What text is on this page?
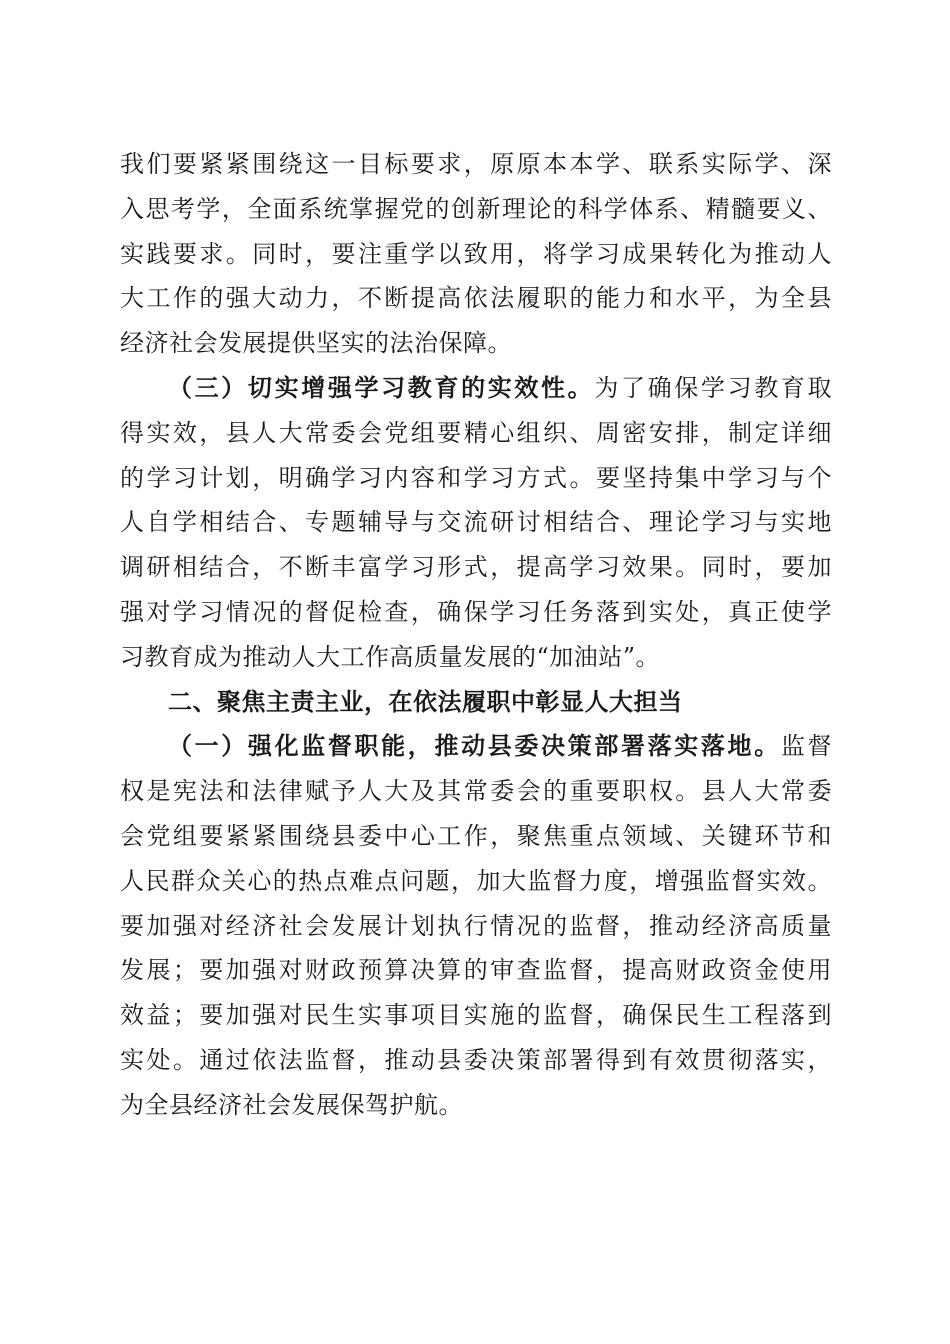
我们要紧紧围绕这一目标要求，原原本本学、联系实际学、深
入思考学，全面系统掌握党的创新理论的科学体系、精髓要义、
实践要求。同时，要注重学以致用，将学习成果转化为推动人
大工作的强大动力，不断提高依法履职的能力和水平，为全县
经济社会发展提供坚实的法治保障。
（三）切实增强学习教育的实效性。为了确保学习教育取
得实效，县人大常委会党组要精心组织、周密安排，制定详细
的学习计划，明确学习内容和学习方式。要坚持集中学习与个
人自学相结合、专题辅导与交流研讨相结合、理论学习与实地
调研相结合，不断丰富学习形式，提高学习效果。同时，要加
强对学习情况的督促检查，确保学习任务落到实处，真正使学
习教育成为推动人大工作高质量发展的“加油站”。
二、聚焦主责主业，在依法履职中彰显人大担当
（一）强化监督职能，推动县委决策部署落实落地。监督
权是宪法和法律赋予人大及其常委会的重要职权。县人大常委
会党组要紧紧围绕县委中心工作，聚焦重点领域、关键环节和
人民群众关心的热点难点问题，加大监督力度，增强监督实效。
要加强对经济社会发展计划执行情况的监督，推动经济高质量
发展；要加强对财政预算决算的审查监督，提高财政资金使用
效益；要加强对民生实事项目实施的监督，确保民生工程落到
实处。通过依法监督，推动县委决策部署得到有效贯彻落实，
为全县经济社会发展保驾护航。
